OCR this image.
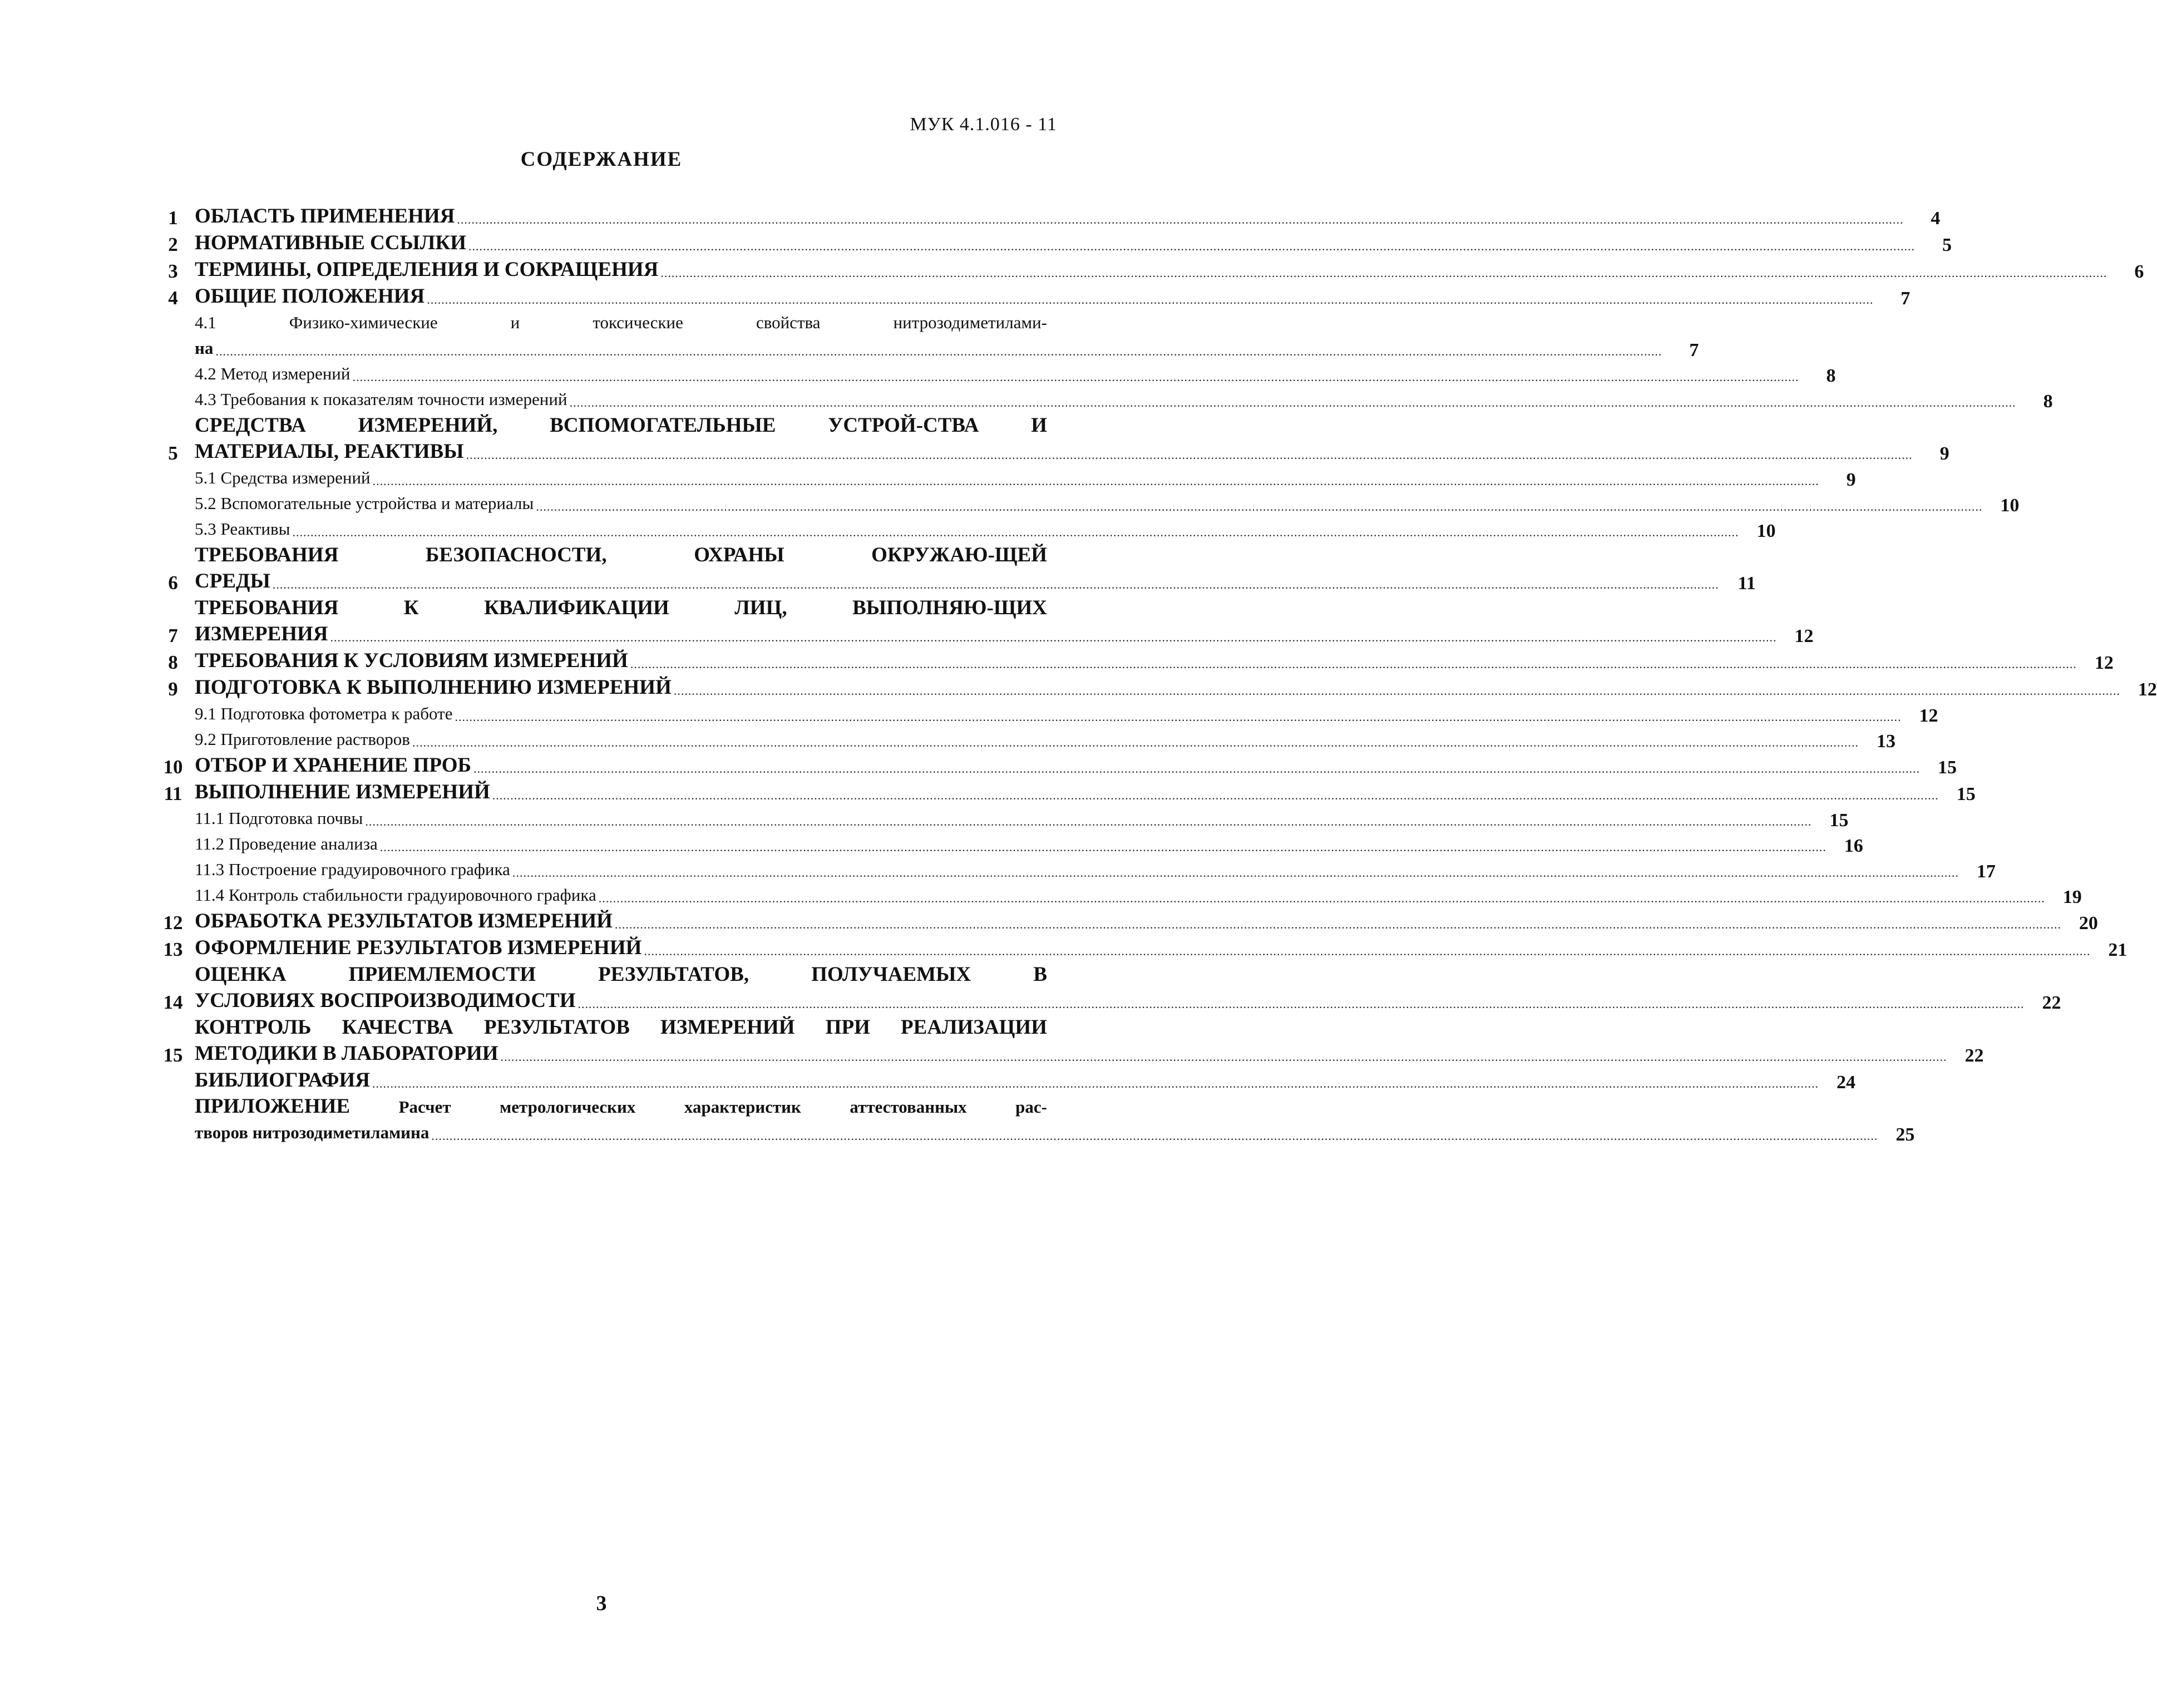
МУК 4.1.016 - 11
СОДЕРЖАНИЕ
1 ОБЛАСТЬ ПРИМЕНЕНИЯ ................................................................................................................................................................................................................................................................................................................................................................................................................	4
2 НОРМАТИВНЫЕ ССЫЛКИ ................................................................................................................................................................................................................................................................................................................................................................................................................	5
3 ТЕРМИНЫ, ОПРЕДЕЛЕНИЯ И СОКРАЩЕНИЯ ................................................................................................................................................................................................................................................................................................................................................................................................................	6
4 ОБЩИЕ ПОЛОЖЕНИЯ ................................................................................................................................................................................................................................................................................................................................................................................................................	7
4.1 Физико-химические и токсические свойства нитрозодиметилами-
на ................................................................................................................................................................................................................................................................................................................................................................................................................	7
4.2 Метод измерений ................................................................................................................................................................................................................................................................................................................................................................................................................	8
4.3 Требования к показателям точности измерений ................................................................................................................................................................................................................................................................................................................................................................................................................	8
5
СРЕДСТВА ИЗМЕРЕНИЙ, ВСПОМОГАТЕЛЬНЫЕ УСТРОЙ-СТВА И
МАТЕРИАЛЫ, РЕАКТИВЫ ................................................................................................................................................................................................................................................................................................................................................................................................................	9
5.1 Средства измерений ................................................................................................................................................................................................................................................................................................................................................................................................................	9
5.2 Вспомогательные устройства и материалы ................................................................................................................................................................................................................................................................................................................................................................................................................ 10
5.3 Реактивы ................................................................................................................................................................................................................................................................................................................................................................................................................ 10
6
ТРЕБОВАНИЯ БЕЗОПАСНОСТИ, ОХРАНЫ ОКРУЖАЮ-ЩЕЙ
СРЕДЫ ................................................................................................................................................................................................................................................................................................................................................................................................................ 11
7
ТРЕБОВАНИЯ К КВАЛИФИКАЦИИ ЛИЦ, ВЫПОЛНЯЮ-ЩИХ
ИЗМЕРЕНИЯ ................................................................................................................................................................................................................................................................................................................................................................................................................ 12
8 ТРЕБОВАНИЯ К УСЛОВИЯМ ИЗМЕРЕНИЙ ................................................................................................................................................................................................................................................................................................................................................................................................................ 12
9 ПОДГОТОВКА К ВЫПОЛНЕНИЮ ИЗМЕРЕНИЙ ................................................................................................................................................................................................................................................................................................................................................................................................................ 12
9.1 Подготовка фотометра к работе ................................................................................................................................................................................................................................................................................................................................................................................................................ 12
9.2 Приготовление растворов ................................................................................................................................................................................................................................................................................................................................................................................................................ 13
10 ОТБОР И ХРАНЕНИЕ ПРОБ ................................................................................................................................................................................................................................................................................................................................................................................................................ 15
11 ВЫПОЛНЕНИЕ ИЗМЕРЕНИЙ ................................................................................................................................................................................................................................................................................................................................................................................................................ 15
11.1 Подготовка почвы ................................................................................................................................................................................................................................................................................................................................................................................................................ 15
11.2 Проведение анализа ................................................................................................................................................................................................................................................................................................................................................................................................................ 16
11.3 Построение градуировочного графика ................................................................................................................................................................................................................................................................................................................................................................................................................ 17
11.4 Контроль стабильности градуировочного графика ................................................................................................................................................................................................................................................................................................................................................................................................................ 19
12 ОБРАБОТКА РЕЗУЛЬТАТОВ ИЗМЕРЕНИЙ ................................................................................................................................................................................................................................................................................................................................................................................................................ 20
13 ОФОРМЛЕНИЕ РЕЗУЛЬТАТОВ ИЗМЕРЕНИЙ ................................................................................................................................................................................................................................................................................................................................................................................................................ 21
14
ОЦЕНКА ПРИЕМЛЕМОСТИ РЕЗУЛЬТАТОВ, ПОЛУЧАЕМЫХ В
УСЛОВИЯХ ВОСПРОИЗВОДИМОСТИ ................................................................................................................................................................................................................................................................................................................................................................................................................ 22
15
КОНТРОЛЬ КАЧЕСТВА РЕЗУЛЬТАТОВ ИЗМЕРЕНИЙ ПРИ РЕАЛИЗАЦИИ
МЕТОДИКИ В ЛАБОРАТОРИИ ................................................................................................................................................................................................................................................................................................................................................................................................................ 22
БИБЛИОГРАФИЯ ................................................................................................................................................................................................................................................................................................................................................................................................................ 24
ПРИЛОЖЕНИЕ	Расчет метрологических характеристик аттестованных рас-
творов нитрозодиметиламина ................................................................................................................................................................................................................................................................................................................................................................................................................ 25
3
